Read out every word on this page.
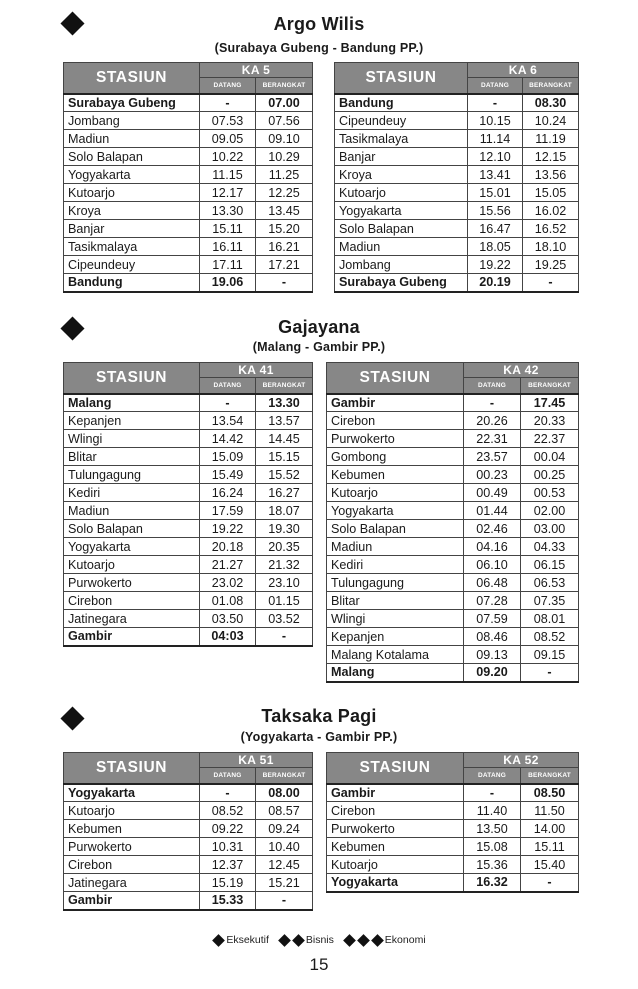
Argo Wilis
(Surabaya Gubeng - Bandung PP.)
STASIUN	KA 5	
	DATANG	BERANGKAT
Surabaya Gubeng	-	07.00
Jombang	07.53	07.56
Madiun	09.05	09.10
Solo Balapan	10.22	10.29
Yogyakarta	11.15	11.25
Kutoarjo	12.17	12.25
Kroya	13.30	13.45
Banjar	15.11	15.20
Tasikmalaya	16.11	16.21
Cipeundeuy	17.11	17.21
Bandung	19.06	-
STASIUN	KA 6	
	DATANG	BERANGKAT
Bandung	-	08.30
Cipeundeuy	10.15	10.24
Tasikmalaya	11.14	11.19
Banjar	12.10	12.15
Kroya	13.41	13.56
Kutoarjo	15.01	15.05
Yogyakarta	15.56	16.02
Solo Balapan	16.47	16.52
Madiun	18.05	18.10
Jombang	19.22	19.25
Surabaya Gubeng	20.19	-
Gajayana
(Malang - Gambir PP.)
STASIUN	KA 41	
	DATANG	BERANGKAT
Malang	-	13.30
Kepanjen	13.54	13.57
Wlingi	14.42	14.45
Blitar	15.09	15.15
Tulungagung	15.49	15.52
Kediri	16.24	16.27
Madiun	17.59	18.07
Solo Balapan	19.22	19.30
Yogyakarta	20.18	20.35
Kutoarjo	21.27	21.32
Purwokerto	23.02	23.10
Cirebon	01.08	01.15
Jatinegara	03.50	03.52
Gambir	04:03	-
STASIUN	KA 42	
	DATANG	BERANGKAT
Gambir	-	17.45
Cirebon	20.26	20.33
Purwokerto	22.31	22.37
Gombong	23.57	00.04
Kebumen	00.23	00.25
Kutoarjo	00.49	00.53
Yogyakarta	01.44	02.00
Solo Balapan	02.46	03.00
Madiun	04.16	04.33
Kediri	06.10	06.15
Tulungagung	06.48	06.53
Blitar	07.28	07.35
Wlingi	07.59	08.01
Kepanjen	08.46	08.52
Malang Kotalama	09.13	09.15
Malang	09.20	-
Taksaka Pagi
(Yogyakarta - Gambir PP.)
STASIUN	KA 51	
	DATANG	BERANGKAT
Yogyakarta	-	08.00
Kutoarjo	08.52	08.57
Kebumen	09.22	09.24
Purwokerto	10.31	10.40
Cirebon	12.37	12.45
Jatinegara	15.19	15.21
Gambir	15.33	-
STASIUN	KA 52	
	DATANG	BERANGKAT
Gambir	-	08.50
Cirebon	11.40	11.50
Purwokerto	13.50	14.00
Kebumen	15.08	15.11
Kutoarjo	15.36	15.40
Yogyakarta	16.32	-
Eksekutif
	Bisnis
	Ekonomi
15
